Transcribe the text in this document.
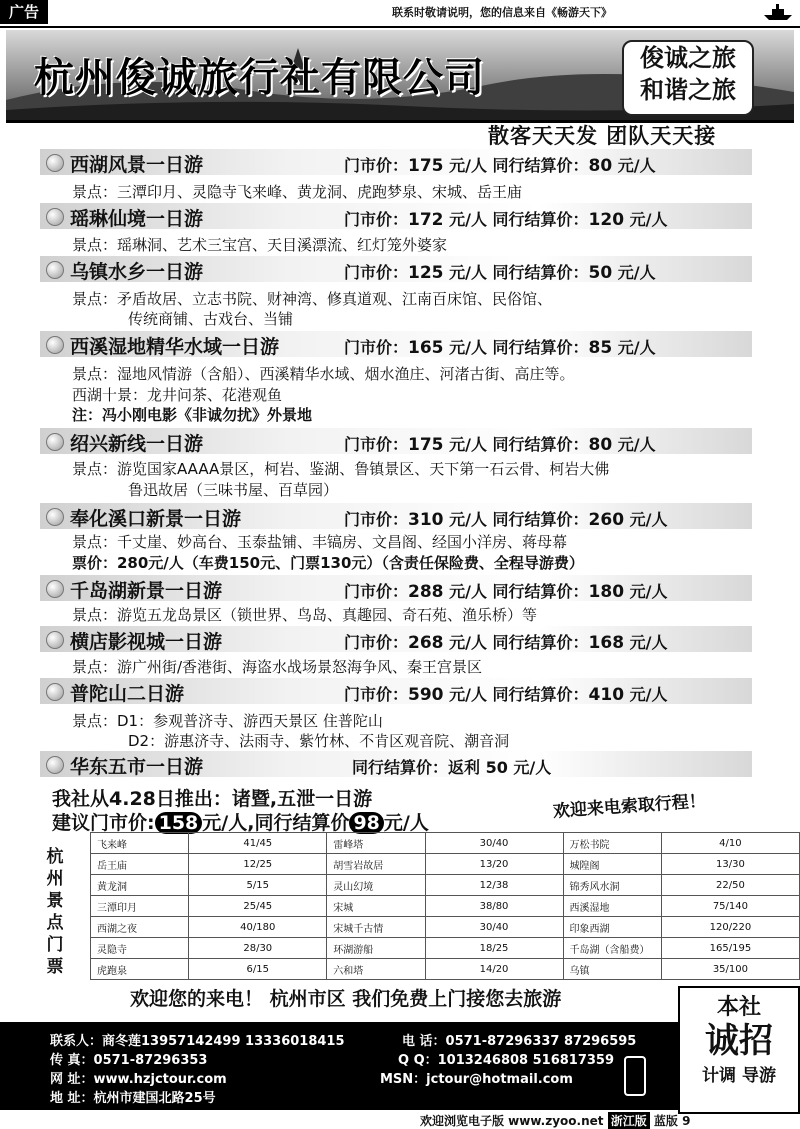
广告	联系时敬请说明，您的信息来自《畅游天下》
杭州俊诚旅行社有限公司	俊诚之旅
和谐之旅
散客天天发 团队天天接
西湖风景一日游	门市价：175 元/人 同行结算价：80 元/人
景点：三潭印月、灵隐寺飞来峰、黄龙洞、虎跑梦泉、宋城、岳王庙
瑶琳仙境一日游	门市价：172 元/人 同行结算价：120 元/人
景点：瑶琳洞、艺术三宝宫、天目溪漂流、红灯笼外婆家
乌镇水乡一日游	门市价：125 元/人 同行结算价：50 元/人
景点：矛盾故居、立志书院、财神湾、修真道观、江南百床馆、民俗馆、
传统商铺、古戏台、当铺
西溪湿地精华水域一日游	门市价：165 元/人 同行结算价：85 元/人
景点：湿地风情游（含船）、西溪精华水域、烟水渔庄、河渚古街、高庄等。
西湖十景：龙井问茶、花港观鱼
注：冯小刚电影《非诚勿扰》外景地
绍兴新线一日游	门市价：175 元/人 同行结算价：80 元/人
景点：游览国家AAAA景区，柯岩、鉴湖、鲁镇景区、天下第一石云骨、柯岩大佛
鲁迅故居（三味书屋、百草园）
奉化溪口新景一日游	门市价：310 元/人 同行结算价：260 元/人
景点：千丈崖、妙高台、玉泰盐铺、丰镐房、文昌阁、经国小洋房、蒋母幕
票价：280元/人（车费150元、门票130元）（含责任保险费、全程导游费）
千岛湖新景一日游	门市价：288 元/人 同行结算价：180 元/人
景点：游览五龙岛景区（锁世界、鸟岛、真趣园、奇石苑、渔乐桥）等
横店影视城一日游	门市价：268 元/人 同行结算价：168 元/人
景点：游广州街/香港街、海盗水战场景怒海争风、秦王宫景区
普陀山二日游	门市价：590 元/人 同行结算价：410 元/人
景点：D1：参观普济寺、游西天景区 住普陀山
D2：游惠济寺、法雨寺、紫竹林、不肯区观音院、潮音洞
华东五市一日游	同行结算价：返利 50 元/人
我社从4.28日推出：诸暨,五泄一日游
建议门市价: 158 元/人,同行结算价 98 元/人
欢迎来电索取行程！
杭
州
景
点
门
票
飞来峰	41/45	雷峰塔	30/40	万松书院	4/10
岳王庙	12/25	胡雪岩故居	13/20	城隍阁	13/30
黄龙洞	5/15	灵山幻境	12/38	锦秀风水洞	22/50
三潭印月	25/45	宋城	38/80	西溪湿地	75/140
西湖之夜	40/180	宋城千古情	30/40	印象西湖	120/220
灵隐寺	28/30	环湖游船	18/25	千岛湖（含船费）	165/195
虎跑泉	6/15	六和塔	14/20	乌镇	35/100
欢迎您的来电！ 杭州市区 我们免费上门接您去旅游
联系人：商冬莲13957142499 13336018415	电 话：0571-87296337 87296595
传 真：0571-87296353	Q Q：1013246808 516817359
网 址：www.hzjctour.com	MSN：jctour@hotmail.com
地 址：杭州市建国北路25号
本社
诚招
计调 导游
欢迎浏览电子版 www.zyoo.net 浙江版 蓝版 9
